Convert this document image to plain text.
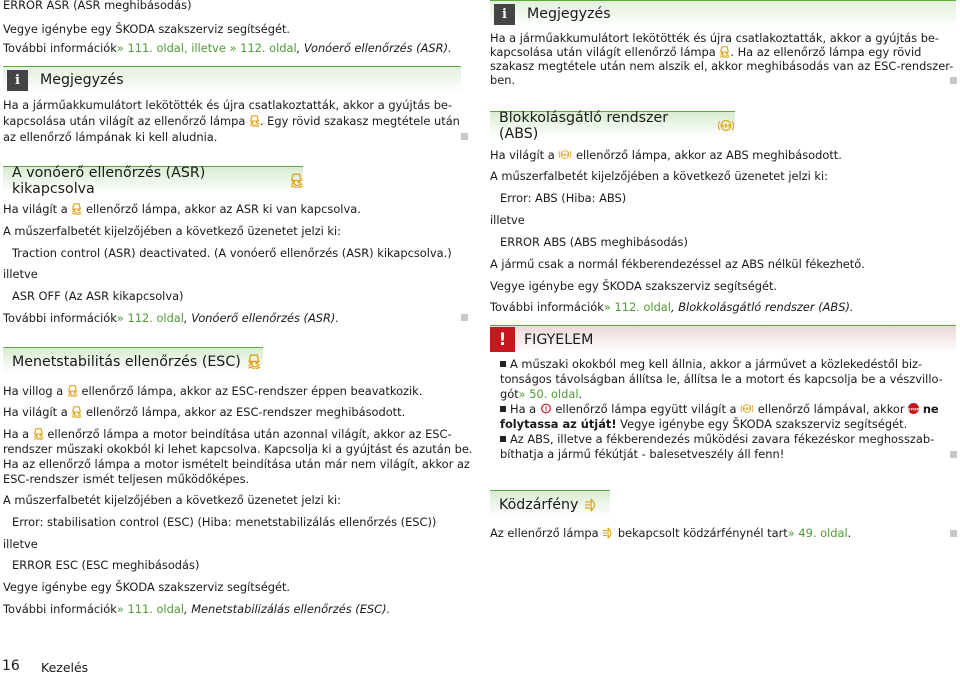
ERROR ASR (ASR meghibásodás)

Vegye igénybe egy ŠKODA szakszerviz segítségét.

További információk» 111. oldal, illetve » 112. oldal, Vonóerő ellenőrzés (ASR).

i	Megjegyzés

Ha a járműakkumulátort lekötötték és újra csatlakoztatták, akkor a gyújtás be-

kapcsolása után világít az ellenőrző lámpa . Egy rövid szakasz megtétele után

az ellenőrző lámpának ki kell aludnia.

A vonóerő ellenőrzés (ASR) kikapcsolva

Ha világít a ellenőrző lámpa, akkor az ASR ki van kapcsolva.

A műszerfalbetét kijelzőjében a következő üzenetet jelzi ki:

Traction control (ASR) deactivated. (A vonóerő ellenőrzés (ASR) kikapcsolva.)

illetve

ASR OFF (Az ASR kikapcsolva)

További információk» 112. oldal, Vonóerő ellenőrzés (ASR).

Menetstabilitás ellenőrzés (ESC)

Ha villog a ellenőrző lámpa, akkor az ESC-rendszer éppen beavatkozik.

Ha világít a ellenőrző lámpa, akkor az ESC-rendszer meghibásodott.

Ha a ellenőrző lámpa a motor beindítása után azonnal világít, akkor az ESC-

rendszer műszaki okokból ki lehet kapcsolva. Kapcsolja ki a gyújtást és azután be.

Ha az ellenőrző lámpa a motor ismételt beindítása után már nem világít, akkor az

ESC-rendszer ismét teljesen működőképes.

A műszerfalbetét kijelzőjében a következő üzenetet jelzi ki:

Error: stabilisation control (ESC) (Hiba: menetstabilizálás ellenőrzés (ESC))

illetve

ERROR ESC (ESC meghibásodás)

Vegye igénybe egy ŠKODA szakszerviz segítségét.

További információk» 111. oldal, Menetstabilizálás ellenőrzés (ESC).

i	Megjegyzés

Ha a járműakkumulátort lekötötték és újra csatlakoztatták, akkor a gyújtás be-

kapcsolása után világít ellenőrző lámpa . Ha az ellenőrző lámpa egy rövid

szakasz megtétele után nem alszik el, akkor meghibásodás van az ESC-rendszer-

ben.

Blokkolásgátló rendszer (ABS)

Ha világít a ellenőrző lámpa, akkor az ABS meghibásodott.

A műszerfalbetét kijelzőjében a következő üzenetet jelzi ki:

Error: ABS (Hiba: ABS)

illetve

ERROR ABS (ABS meghibásodás)

A jármű csak a normál fékberendezéssel az ABS nélkül fékezhető.

Vegye igénybe egy ŠKODA szakszerviz segítségét.

További információk» 112. oldal, Blokkolásgátló rendszer (ABS).

!	FIGYELEM

A műszaki okokból meg kell állnia, akkor a járművet a közlekedéstől biz-

tonságos távolságban állítsa le, állítsa le a motort és kapcsolja be a vészvillo-

gót» 50. oldal.

Ha a ! ellenőrző lámpa együtt világít a ellenőrző lámpával, akkor STOP ne

folytassa az útját! Vegye igénybe egy ŠKODA szakszerviz segítségét.

Az ABS, illetve a fékberendezés működési zavara fékezéskor meghosszab-

bíthatja a jármű fékútját - balesetveszély áll fenn!

Ködzárfény

Az ellenőrző lámpa bekapcsolt ködzárfénynél tart» 49. oldal.

16 Kezelés
